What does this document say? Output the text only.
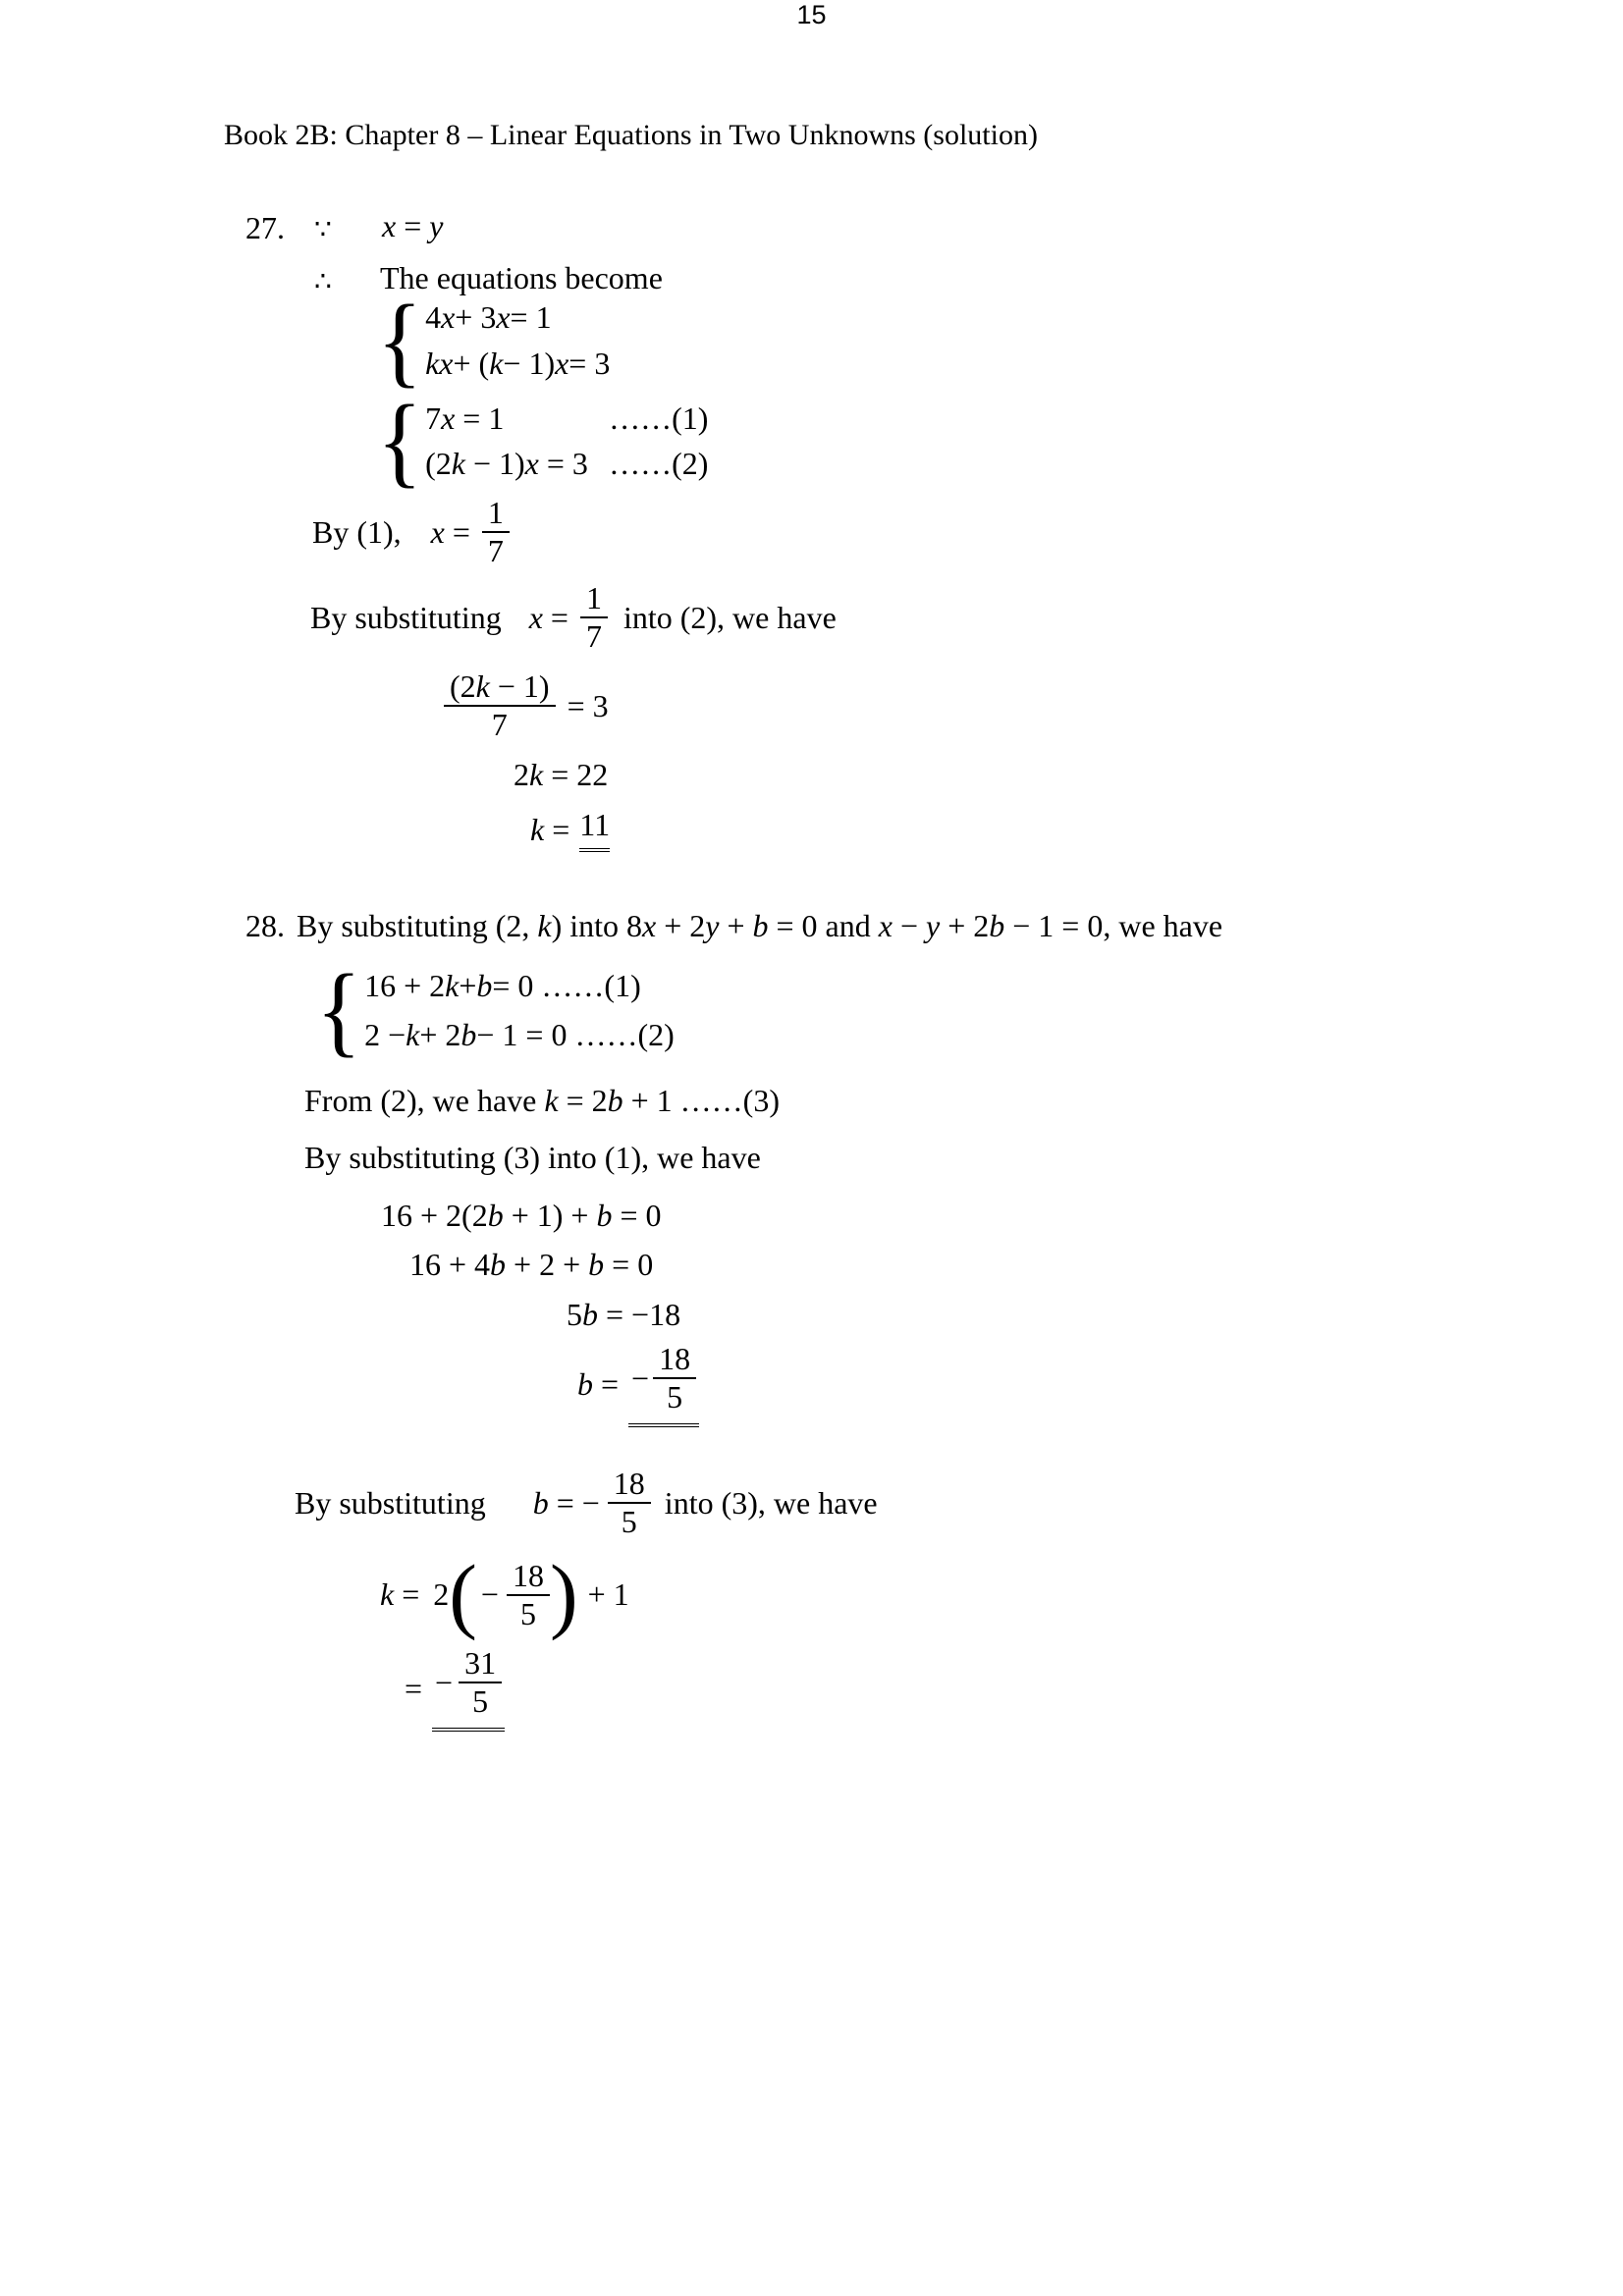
Book 2B: Chapter 8 – Linear Equations in Two Unknowns (solution)
27. ∵ x = y
∴ The equations become
{ 4 x + 3 x = 1
k x + ( k − 1) x = 3
{ 7x = 1	……(1)
(2k − 1)x = 3 ……(2)
By (1), $x = \frac{1}{7}$
By substituting $x = \frac{1}{7}$ into (2), we have
$\frac{(2k - 1)}{7} = 3$
2k = 22
k = 11
28. By substituting (2, k) into 8x + 2y + b = 0 and x − y + 2b − 1 = 0, we have
{ 16 + 2 k + b = 0 ……(1)
2 − k + 2 b − 1 = 0 ……(2)
From (2), we have k = 2b + 1 ……(3)
By substituting (3) into (1), we have
16 + 2(2b + 1) + b = 0
16 + 4b + 2 + b = 0
5b = −18
b = − $\frac{18}{5}$
By substituting b = − $\frac{18}{5}$ into (3), we have
k = 2 ( − $\frac{18}{5}$ ) + 1
= − $\frac{31}{5}$
15
